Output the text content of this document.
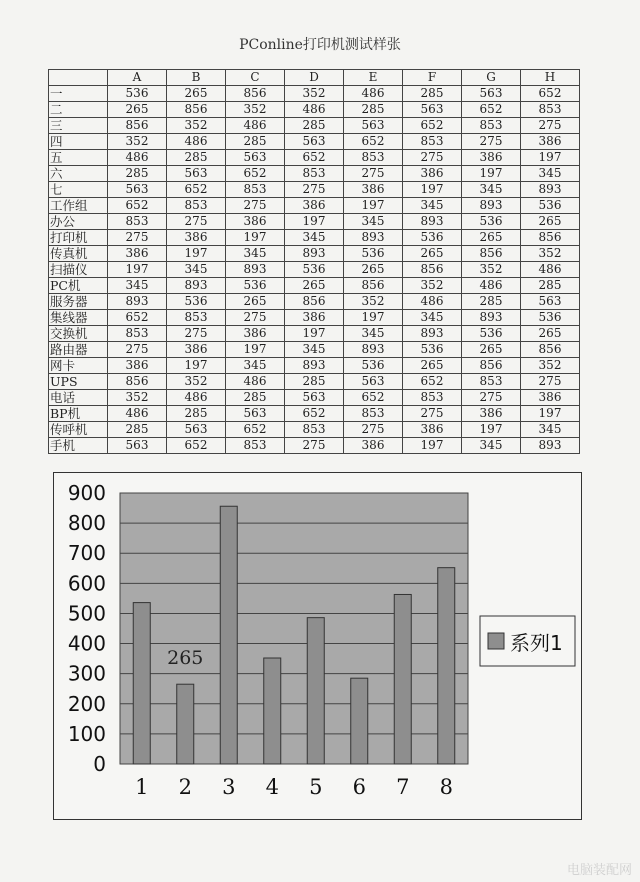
PConline打印机测试样张
	A	B	C	D	E	F	G	H
一	536	265	856	352	486	285	563	652
二	265	856	352	486	285	563	652	853
三	856	352	486	285	563	652	853	275
四	352	486	285	563	652	853	275	386
五	486	285	563	652	853	275	386	197
六	285	563	652	853	275	386	197	345
七	563	652	853	275	386	197	345	893
工作组	652	853	275	386	197	345	893	536
办公	853	275	386	197	345	893	536	265
打印机	275	386	197	345	893	536	265	856
传真机	386	197	345	893	536	265	856	352
扫描仪	197	345	893	536	265	856	352	486
PC机	345	893	536	265	856	352	486	285
服务器	893	536	265	856	352	486	285	563
集线器	652	853	275	386	197	345	893	536
交换机	853	275	386	197	345	893	536	265
路由器	275	386	197	345	893	536	265	856
网卡	386	197	345	893	536	265	856	352
UPS	856	352	486	285	563	652	853	275
电话	352	486	285	563	652	853	275	386
BP机	486	285	563	652	853	275	386	197
传呼机	285	563	652	853	275	386	197	345
手机	563	652	853	275	386	197	345	893
0
100
200
300
400
500
600
700
800
900
1 2 3 4 5 6 7 8
265
系列1
电脑装配网
